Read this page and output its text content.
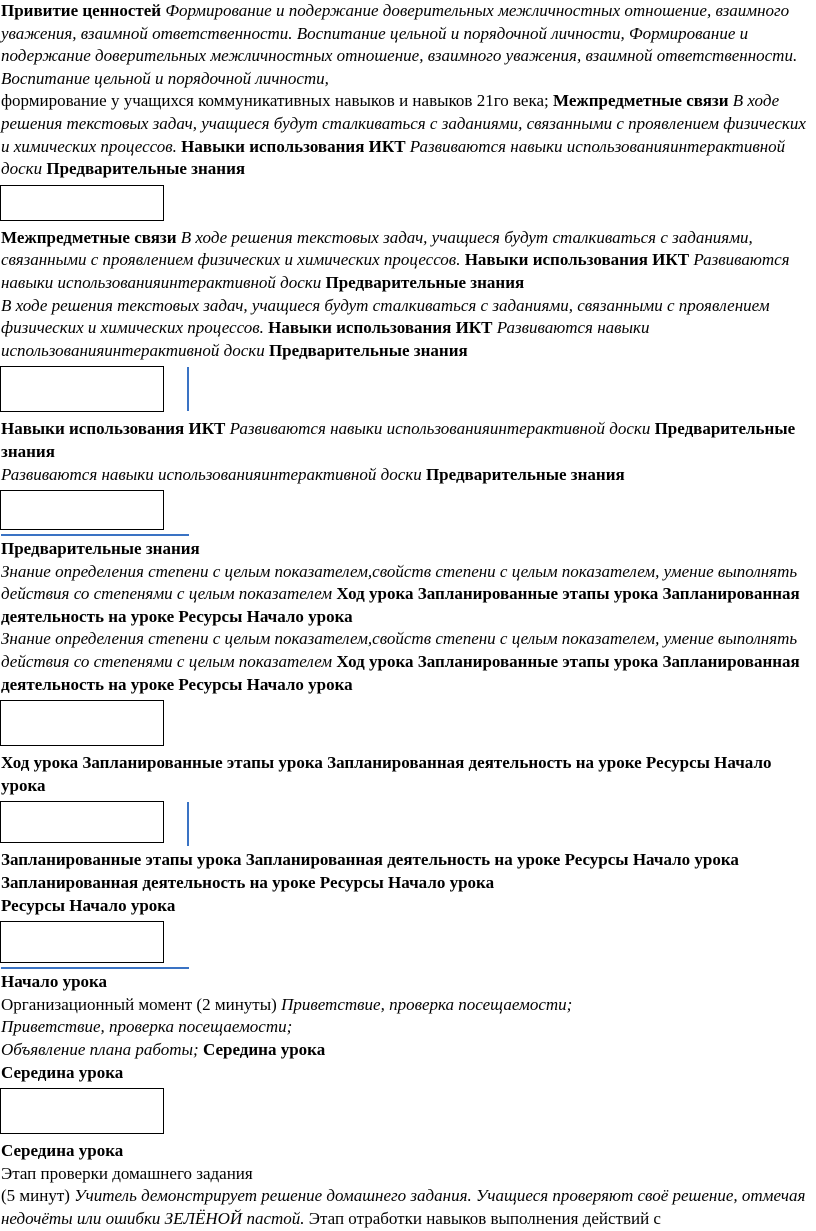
Привитие ценностей Формирование и подержание доверительных межличностных отношение, взаимного уважения, взаимной ответственности. Воспитание цельной и порядочной личности, Формирование и подержание доверительных межличностных отношение, взаимного уважения, взаимной ответственности. Воспитание цельной и порядочной личности,
формирование у учащихся коммуникативных навыков и навыков 21го века; Межпредметные связи В ходе решения текстовых задач, учащиеся будут сталкиваться с заданиями, связанными с проявлением физических и химических процессов. Навыки использования ИКТ Развиваются навыки использованияинтерактивной доски Предварительные знания

Межпредметные связи В ходе решения текстовых задач, учащиеся будут сталкиваться с заданиями, связанными с проявлением физических и химических процессов. Навыки использования ИКТ Развиваются навыки использованияинтерактивной доски Предварительные знания
В ходе решения текстовых задач, учащиеся будут сталкиваться с заданиями, связанными с проявлением физических и химических процессов. Навыки использования ИКТ Развиваются навыки использованияинтерактивной доски Предварительные знания

Навыки использования ИКТ Развиваются навыки использованияинтерактивной доски Предварительные знания
Развиваются навыки использованияинтерактивной доски Предварительные знания

Предварительные знания
Знание определения степени с целым показателем,свойств степени с целым показателем, умение выполнять действия со степенями с целым показателем Ход урока Запланированные этапы урока Запланированная деятельность на уроке Ресурсы Начало урока
Знание определения степени с целым показателем,свойств степени с целым показателем, умение выполнять действия со степенями с целым показателем Ход урока Запланированные этапы урока Запланированная деятельность на уроке Ресурсы Начало урока

Ход урока Запланированные этапы урока Запланированная деятельность на уроке Ресурсы Начало урока

Запланированные этапы урока Запланированная деятельность на уроке Ресурсы Начало урока
Запланированная деятельность на уроке Ресурсы Начало урока
Ресурсы Начало урока

Начало урока
Организационный момент (2 минуты) Приветствие, проверка посещаемости;
Приветствие, проверка посещаемости;
Объявление плана работы; Середина урока
Середина урока

Середина урока
Этап проверки домашнего задания
(5 минут) Учитель демонстрирует решение домашнего задания. Учащиеся проверяют своё решение, отмечая недочёты или ошибки ЗЕЛЁНОЙ пастой. Этап отработки навыков выполнения действий с
